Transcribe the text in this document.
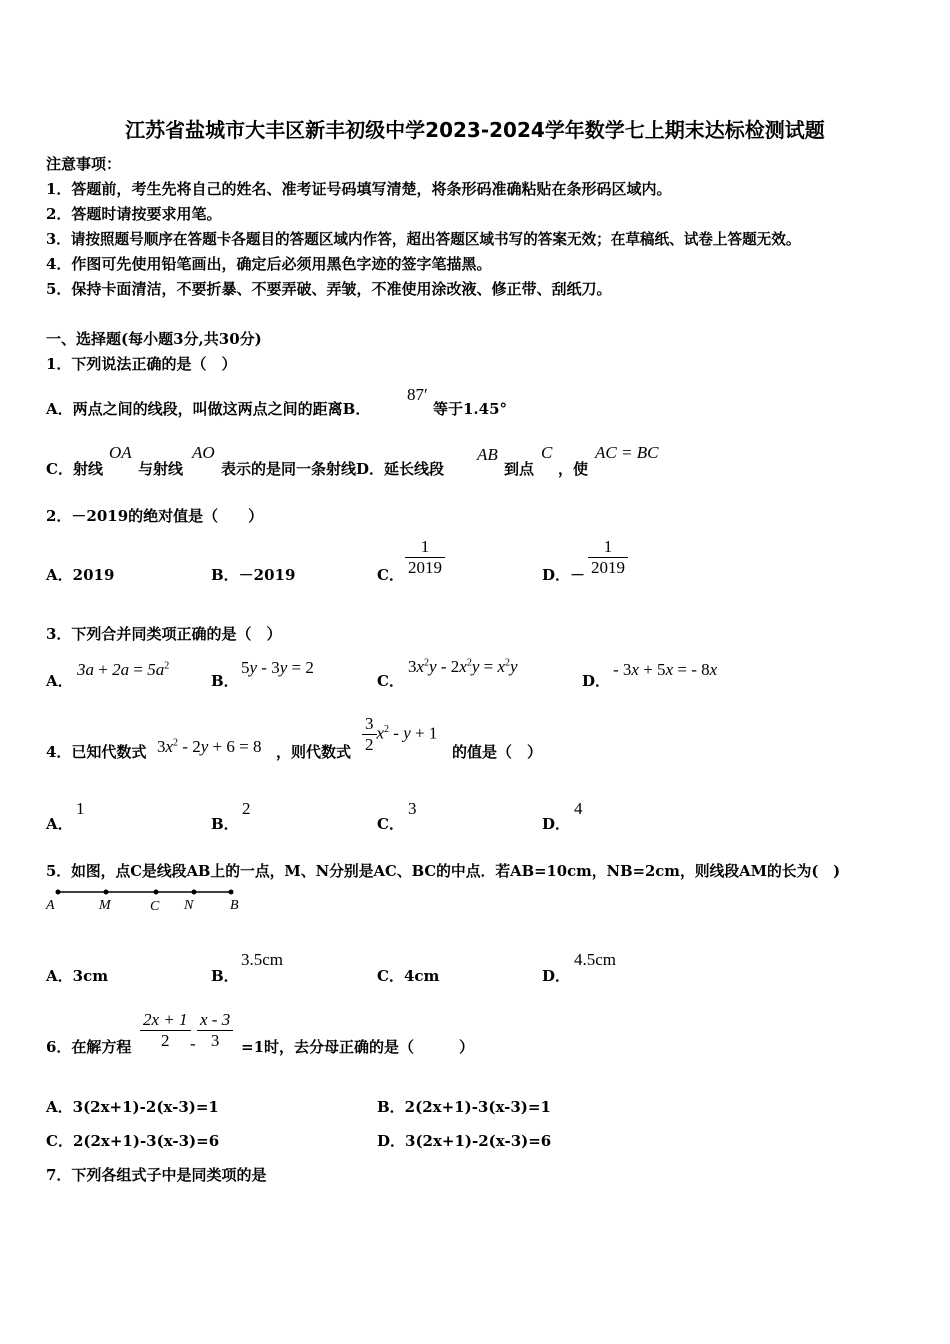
江苏省盐城市大丰区新丰初级中学2023-2024学年数学七上期末达标检测试题
注意事项：
1．答题前，考生先将自己的姓名、准考证号码填写清楚，将条形码准确粘贴在条形码区域内。
2．答题时请按要求用笔。
3．请按照题号顺序在答题卡各题目的答题区域内作答，超出答题区域书写的答案无效；在草稿纸、试卷上答题无效。
4．作图可先使用铅笔画出，确定后必须用黑色字迹的签字笔描黑。
5．保持卡面清洁，不要折暴、不要弄破、弄皱，不准使用涂改液、修正带、刮纸刀。
一、选择题(每小题3分,共30分)
1．下列说法正确的是（　）
A．两点之间的线段，叫做这两点之间的距离B．
87′
等于1.45°
C．射线
OA
与射线
AO
表示的是同一条射线D．延长线段
AB
到点
C
，使
AC = BC
2．－2019的绝对值是（　　）
A．2019	B．－2019	C． $\frac{1}{2019}$	D．－ $\frac{1}{2019}$
3．下列合并同类项正确的是（　）
A．
$3a + 2a = 5a^2$
B．
5y - 3y = 2
C．
$3x^2y - 2x^2y = x^2y$
D．
- 3x + 5x = - 8x
4．已知代数式 $3x^2 - 2y + 6 = 8$ ，则代数式 $\frac{3}{2} x^2 - y + 1$
的值是（　）
A．
1
B．
2
C．
3
D．
4
5．如图，点C是线段AB上的一点，M、N分别是AC、BC的中点．若AB=10cm，NB=2cm，则线段AM的长为(　)
A	M	C N	B
A．3cm	B．
3.5cm
C．4cm	D．
4.5cm
6．在解方程 $\frac{2x + 1}{2} - \frac{x - 3}{3} =1$时，去分母正确的是（　　　）
A．3(2x+1)-2(x-3)=1	B．2(2x+1)-3(x-3)=1
C．2(2x+1)-3(x-3)=6	D．3(2x+1)-2(x-3)=6
7．下列各组式子中是同类项的是
